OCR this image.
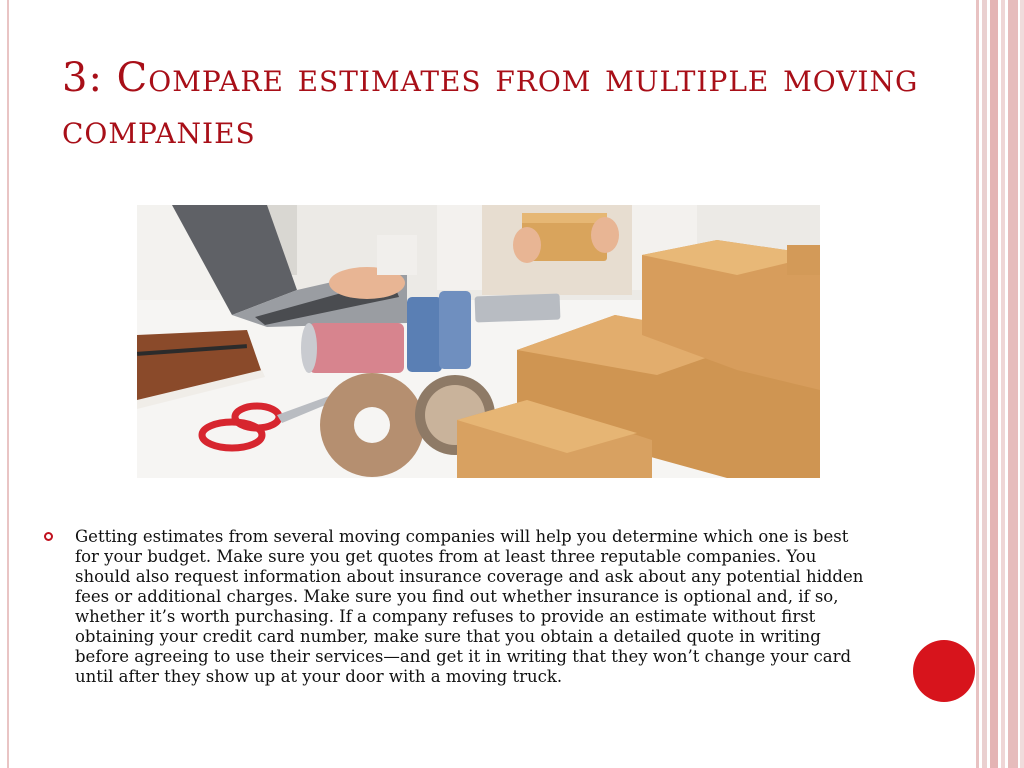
3: Compare estimates from multiple moving companies

Getting estimates from several moving companies will help you determine which one is best for your budget. Make sure you get quotes from at least three reputable companies. You should also request information about insurance coverage and ask about any potential hidden fees or additional charges. Make sure you find out whether insurance is optional and, if so, whether it’s worth purchasing. If a company refuses to provide an estimate without first obtaining your credit card number, make sure that you obtain a detailed quote in writing before agreeing to use their services—and get it in writing that they won’t change your card until after they show up at your door with a moving truck.
